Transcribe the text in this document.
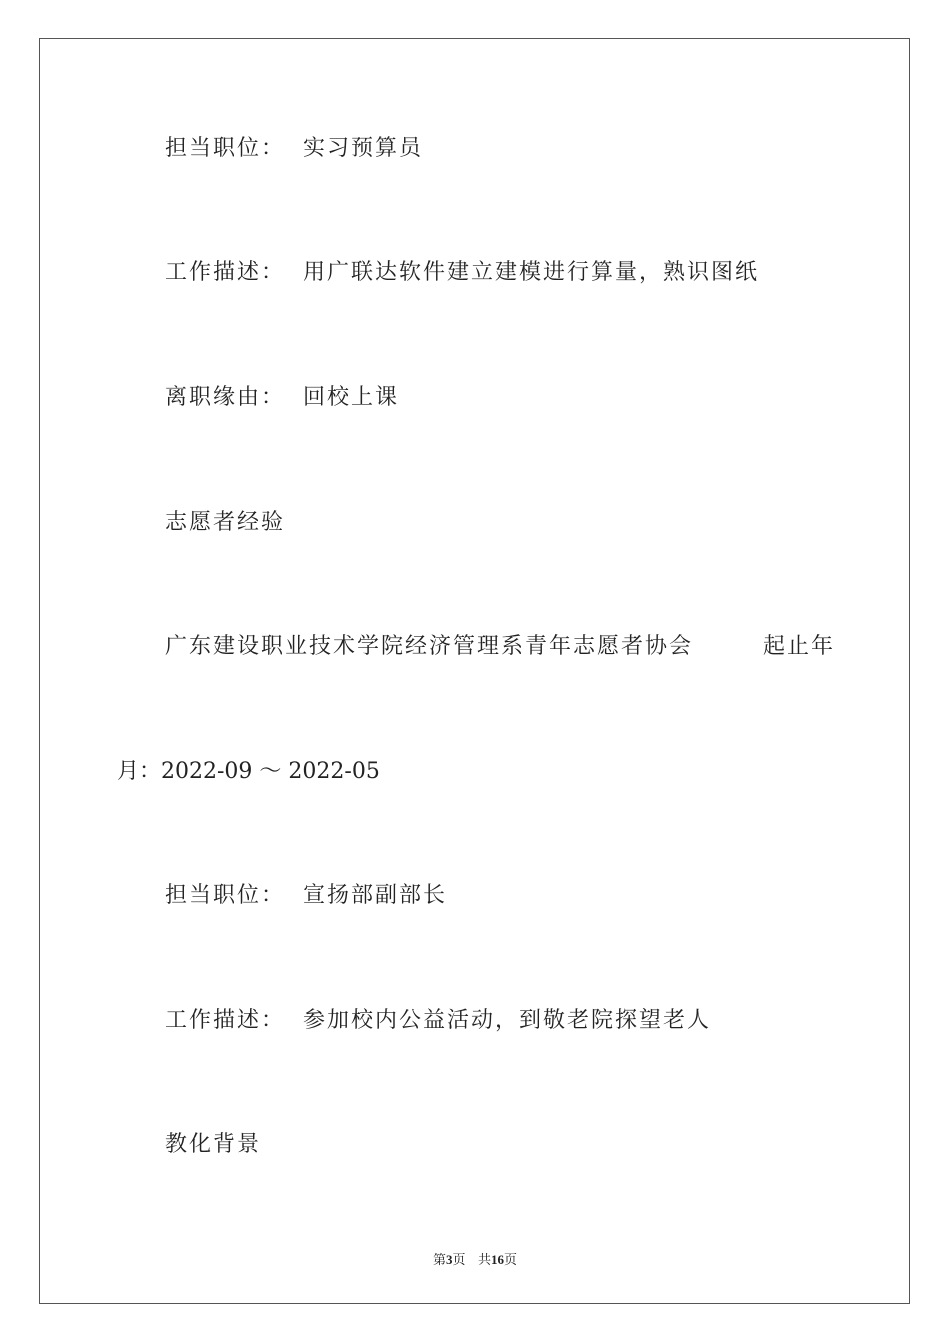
担当职位：  实习预算员
工作描述：  用广联达软件建立建模进行算量，熟识图纸
离职缘由：  回校上课
志愿者经验
广东建设职业技术学院经济管理系青年志愿者协会	起止年
月：2022-09 ～ 2022-05
担当职位：  宣扬部副部长
工作描述：  参加校内公益活动，到敬老院探望老人
教化背景
第3页   共16页
